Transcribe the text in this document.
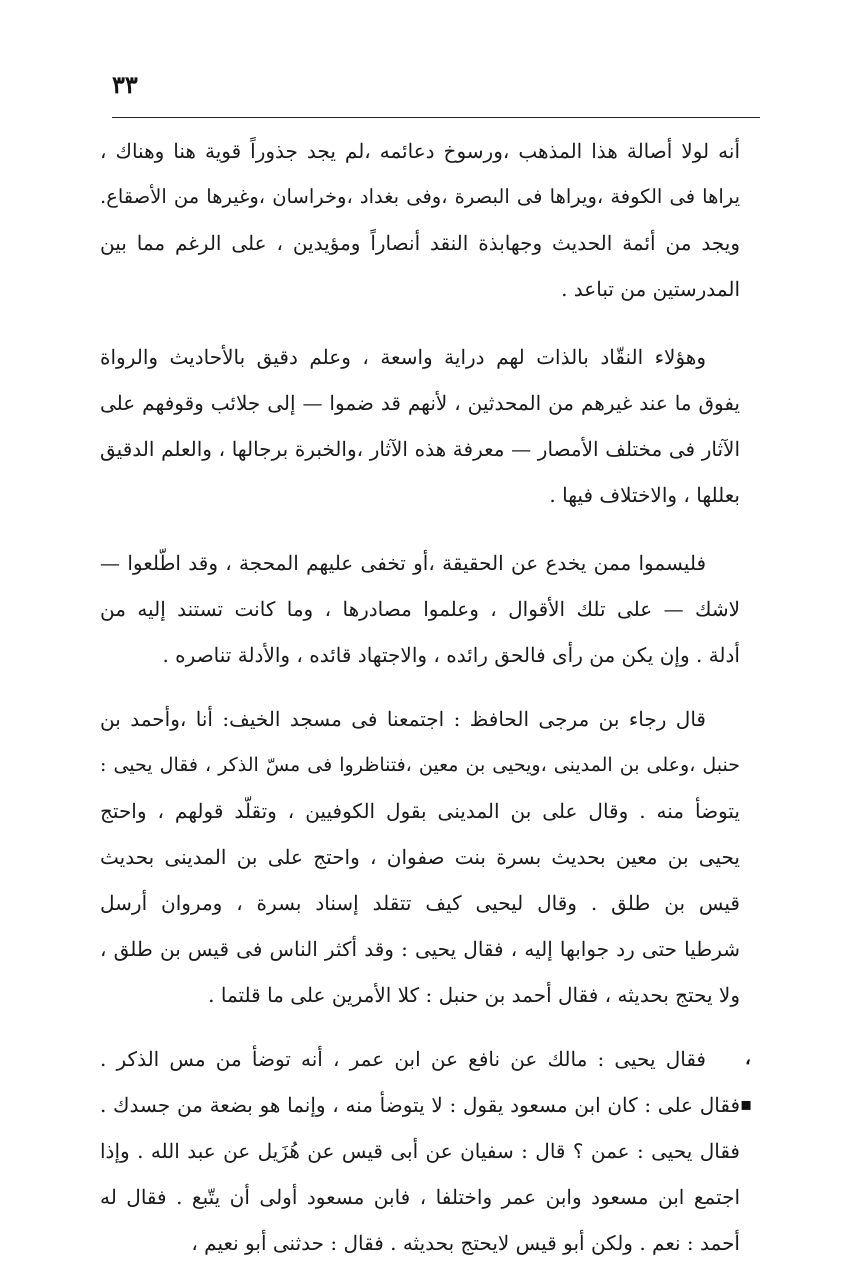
٣٣
أنه لولا أصالة هذا المذهب ،ورسوخ دعائمه ،لم يجد جذوراً قوية هنا وهناك ،
يراها فى الكوفة ،ويراها فى البصرة ،وفى بغداد ،وخراسان ،وغيرها من الأصقاع.
ويجد من أئمة الحديث وجهابذة النقد أنصاراً ومؤيدين ، على الرغم مما بين
المدرستين من تباعد .
وهؤلاء النقّاد بالذات لهم دراية واسعة ، وعلم دقيق بالأحاديث والرواة
يفوق ما عند غيرهم من المحدثين ، لأنهم قد ضموا — إلى جلائب وقوفهم على
الآثار فى مختلف الأمصار — معرفة هذه الآثار ،والخبرة برجالها ، والعلم الدقيق
بعللها ، والاختلاف فيها .
فليسموا ممن يخدع عن الحقيقة ،أو تخفى عليهم المحجة ، وقد اطّلعوا —
لاشك — على تلك الأقوال ، وعلموا مصادرها ، وما كانت تستند إليه من
أدلة . وإن يكن من رأى فالحق رائده ، والاجتهاد قائده ، والأدلة تناصره .
قال رجاء بن مرجى الحافظ : اجتمعنا فى مسجد الخيف: أنا ،وأحمد بن
حنبل ،وعلى بن المدينى ،ويحيى بن معين ،فتناظروا فى مسّ الذكر ، فقال يحيى :
يتوضأ منه . وقال على بن المدينى بقول الكوفيين ، وتقلّد قولهم ، واحتج
يحيى بن معين بحديث بسرة بنت صفوان ، واحتج على بن المدينى بحديث
قيس بن طلق . وقال ليحيى كيف تتقلد إسناد بسرة ، ومروان أرسل
شرطيا حتى رد جوابها إليه ، فقال يحيى : وقد أكثر الناس فى قيس بن طلق ،
ولا يحتج بحديثه ، فقال أحمد بن حنبل : كلا الأمرين على ما قلتما .
فقال يحيى : مالك عن نافع عن ابن عمر ، أنه توضأ من مس الذكر .
فقال على : كان ابن مسعود يقول : لا يتوضأ منه ، وإنما هو بضعة من جسدك .
فقال يحيى : عمن ؟ قال : سفيان عن أبى قيس عن هُزَيل عن عبد الله . وإذا
اجتمع ابن مسعود وابن عمر واختلفا ، فابن مسعود أولى أن يتّبع . فقال له
أحمد : نعم . ولكن أبو قيس لايحتج بحديثه . فقال : حدثنى أبو نعيم ،
،
▪
